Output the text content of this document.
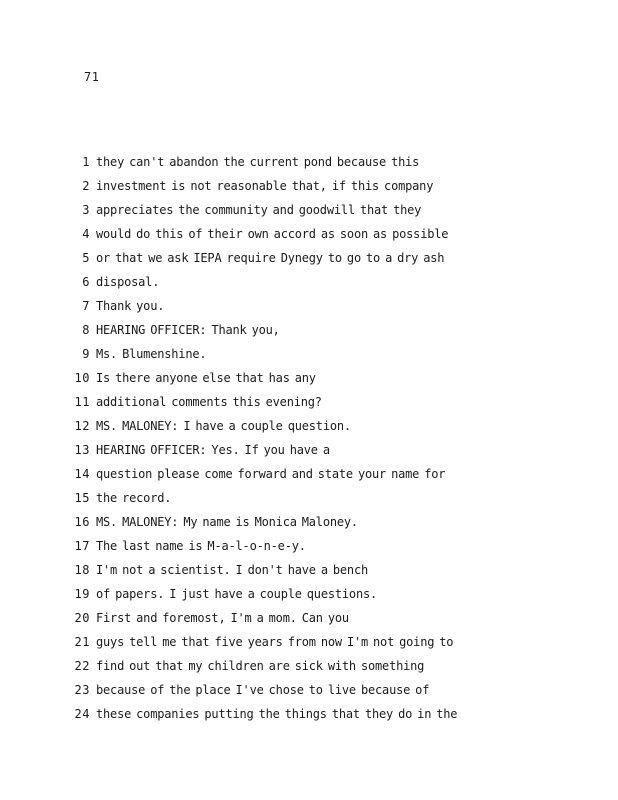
71
1 they can't abandon the current pond because this
2 investment is not reasonable that, if this company
3 appreciates the community and goodwill that they
4 would do this of their own accord as soon as possible
5 or that we ask IEPA require Dynegy to go to a dry ash
6 disposal.
7 Thank you.
8 HEARING OFFICER: Thank you,
9 Ms. Blumenshine.
10 Is there anyone else that has any
11 additional comments this evening?
12 MS. MALONEY: I have a couple question.
13 HEARING OFFICER: Yes. If you have a
14 question please come forward and state your name for
15 the record.
16 MS. MALONEY: My name is Monica Maloney.
17 The last name is M-a-l-o-n-e-y.
18 I'm not a scientist. I don't have a bench
19 of papers. I just have a couple questions.
20 First and foremost, I'm a mom. Can you
21 guys tell me that five years from now I'm not going to
22 find out that my children are sick with something
23 because of the place I've chose to live because of
24 these companies putting the things that they do in the
